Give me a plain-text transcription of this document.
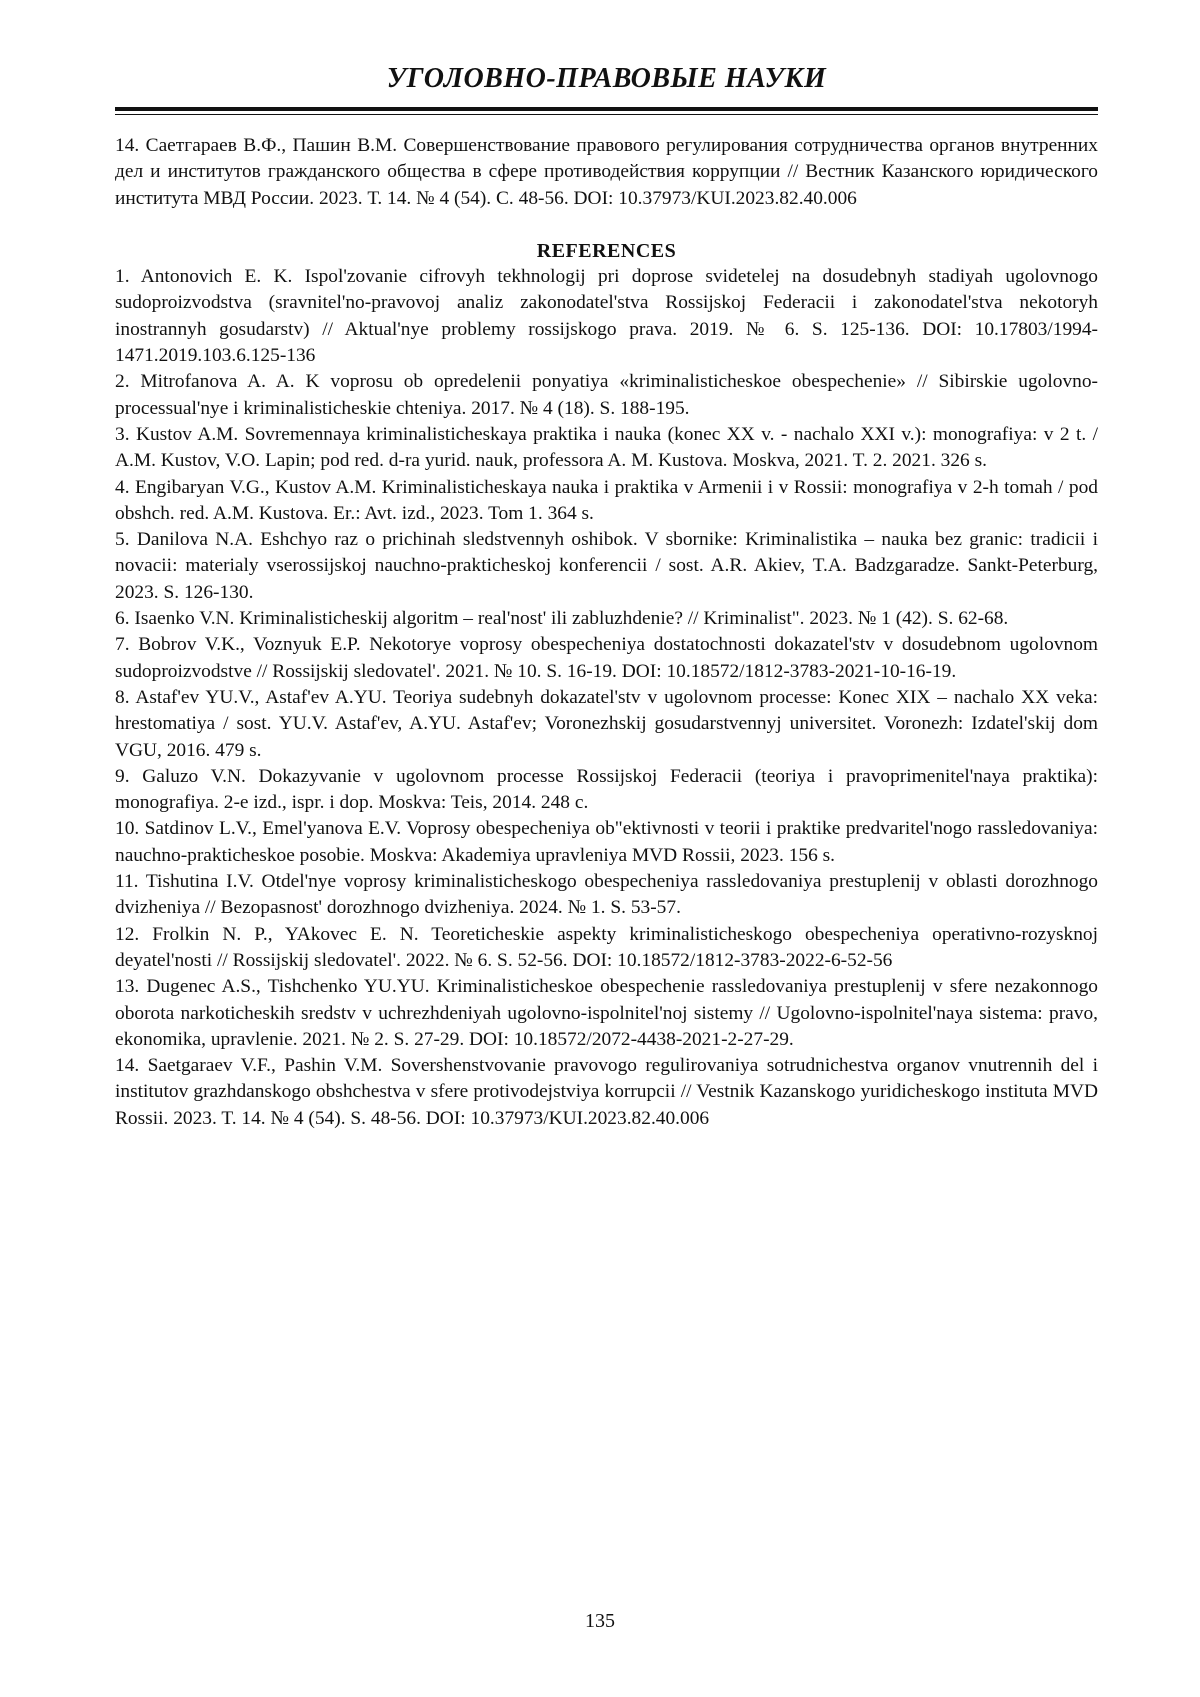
УГОЛОВНО-ПРАВОВЫЕ НАУКИ

14. Саетгараев В.Ф., Пашин В.М. Совершенствование правового регулирования сотрудничества органов внутренних дел и институтов гражданского общества в сфере противодействия коррупции // Вестник Казанского юридического института МВД России. 2023. Т. 14. № 4 (54). С. 48-56. DOI: 10.37973/KUI.2023.82.40.006

REFERENCES

1. Antonovich E. K. Ispol'zovanie cifrovyh tekhnologij pri doprose svidetelej na dosudebnyh stadiyah ugolovnogo sudoproizvodstva (sravnitel'no-pravovoj analiz zakonodatel'stva Rossijskoj Federacii i zakonodatel'stva nekotoryh inostrannyh gosudarstv) // Aktual'nye problemy rossijskogo prava. 2019. № 6. S. 125-136. DOI: 10.17803/1994-1471.2019.103.6.125-136

2. Mitrofanova A. A. K voprosu ob opredelenii ponyatiya «kriminalisticheskoe obespechenie» // Sibirskie ugolovno-processual'nye i kriminalisticheskie chteniya. 2017. № 4 (18). S. 188-195.

3. Kustov A.M. Sovremennaya kriminalisticheskaya praktika i nauka (konec XX v. - nachalo XXI v.): monografiya: v 2 t. / A.M. Kustov, V.O. Lapin; pod red. d-ra yurid. nauk, professora A. M. Kustova. Moskva, 2021. T. 2. 2021. 326 s.

4. Engibaryan V.G., Kustov A.M. Kriminalisticheskaya nauka i praktika v Armenii i v Rossii: monografiya v 2-h tomah / pod obshch. red. A.M. Kustova. Er.: Avt. izd., 2023. Tom 1. 364 s.

5. Danilova N.A. Eshchyo raz o prichinah sledstvennyh oshibok. V sbornike: Kriminalistika – nauka bez granic: tradicii i novacii: materialy vserossijskoj nauchno-prakticheskoj konferencii / sost. A.R. Akiev, T.A. Badzgaradze. Sankt-Peterburg, 2023. S. 126-130.

6. Isaenko V.N. Kriminalisticheskij algoritm – real'nost' ili zabluzhdenie? // Kriminalist". 2023. № 1 (42). S. 62-68.

7. Bobrov V.K., Voznyuk E.P. Nekotorye voprosy obespecheniya dostatochnosti dokazatel'stv v dosudebnom ugolovnom sudoproizvodstve // Rossijskij sledovatel'. 2021. № 10. S. 16-19. DOI: 10.18572/1812-3783-2021-10-16-19.

8. Astaf'ev YU.V., Astaf'ev A.YU. Teoriya sudebnyh dokazatel'stv v ugolovnom processe: Konec XIX – nachalo XX veka: hrestomatiya / sost. YU.V. Astaf'ev, A.YU. Astaf'ev; Voronezhskij gosudarstvennyj universitet. Voronezh: Izdatel'skij dom VGU, 2016. 479 s.

9. Galuzo V.N. Dokazyvanie v ugolovnom processe Rossijskoj Federacii (teoriya i pravoprimenitel'naya praktika): monografiya. 2-e izd., ispr. i dop. Moskva: Teis, 2014. 248 c.

10. Satdinov L.V., Emel'yanova E.V. Voprosy obespecheniya ob"ektivnosti v teorii i praktike predvaritel'nogo rassledovaniya: nauchno-prakticheskoe posobie. Moskva: Akademiya upravleniya MVD Rossii, 2023. 156 s.

11. Tishutina I.V. Otdel'nye voprosy kriminalisticheskogo obespecheniya rassledovaniya prestuplenij v oblasti dorozhnogo dvizheniya // Bezopasnost' dorozhnogo dvizheniya. 2024. № 1. S. 53-57.

12. Frolkin N. P., YAkovec E. N. Teoreticheskie aspekty kriminalisticheskogo obespecheniya operativno-rozysknoj deyatel'nosti // Rossijskij sledovatel'. 2022. № 6. S. 52-56. DOI: 10.18572/1812-3783-2022-6-52-56

13. Dugenec A.S., Tishchenko YU.YU. Kriminalisticheskoe obespechenie rassledovaniya prestuplenij v sfere nezakonnogo oborota narkoticheskih sredstv v uchrezhdeniyah ugolovno-ispolnitel'noj sistemy // Ugolovno-ispolnitel'naya sistema: pravo, ekonomika, upravlenie. 2021. № 2. S. 27-29. DOI: 10.18572/2072-4438-2021-2-27-29.

14. Saetgaraev V.F., Pashin V.M. Sovershenstvovanie pravovogo regulirovaniya sotrudnichestva organov vnutrennih del i institutov grazhdanskogo obshchestva v sfere protivodejstviya korrupcii // Vestnik Kazanskogo yuridicheskogo instituta MVD Rossii. 2023. T. 14. № 4 (54). S. 48-56. DOI: 10.37973/KUI.2023.82.40.006

135
